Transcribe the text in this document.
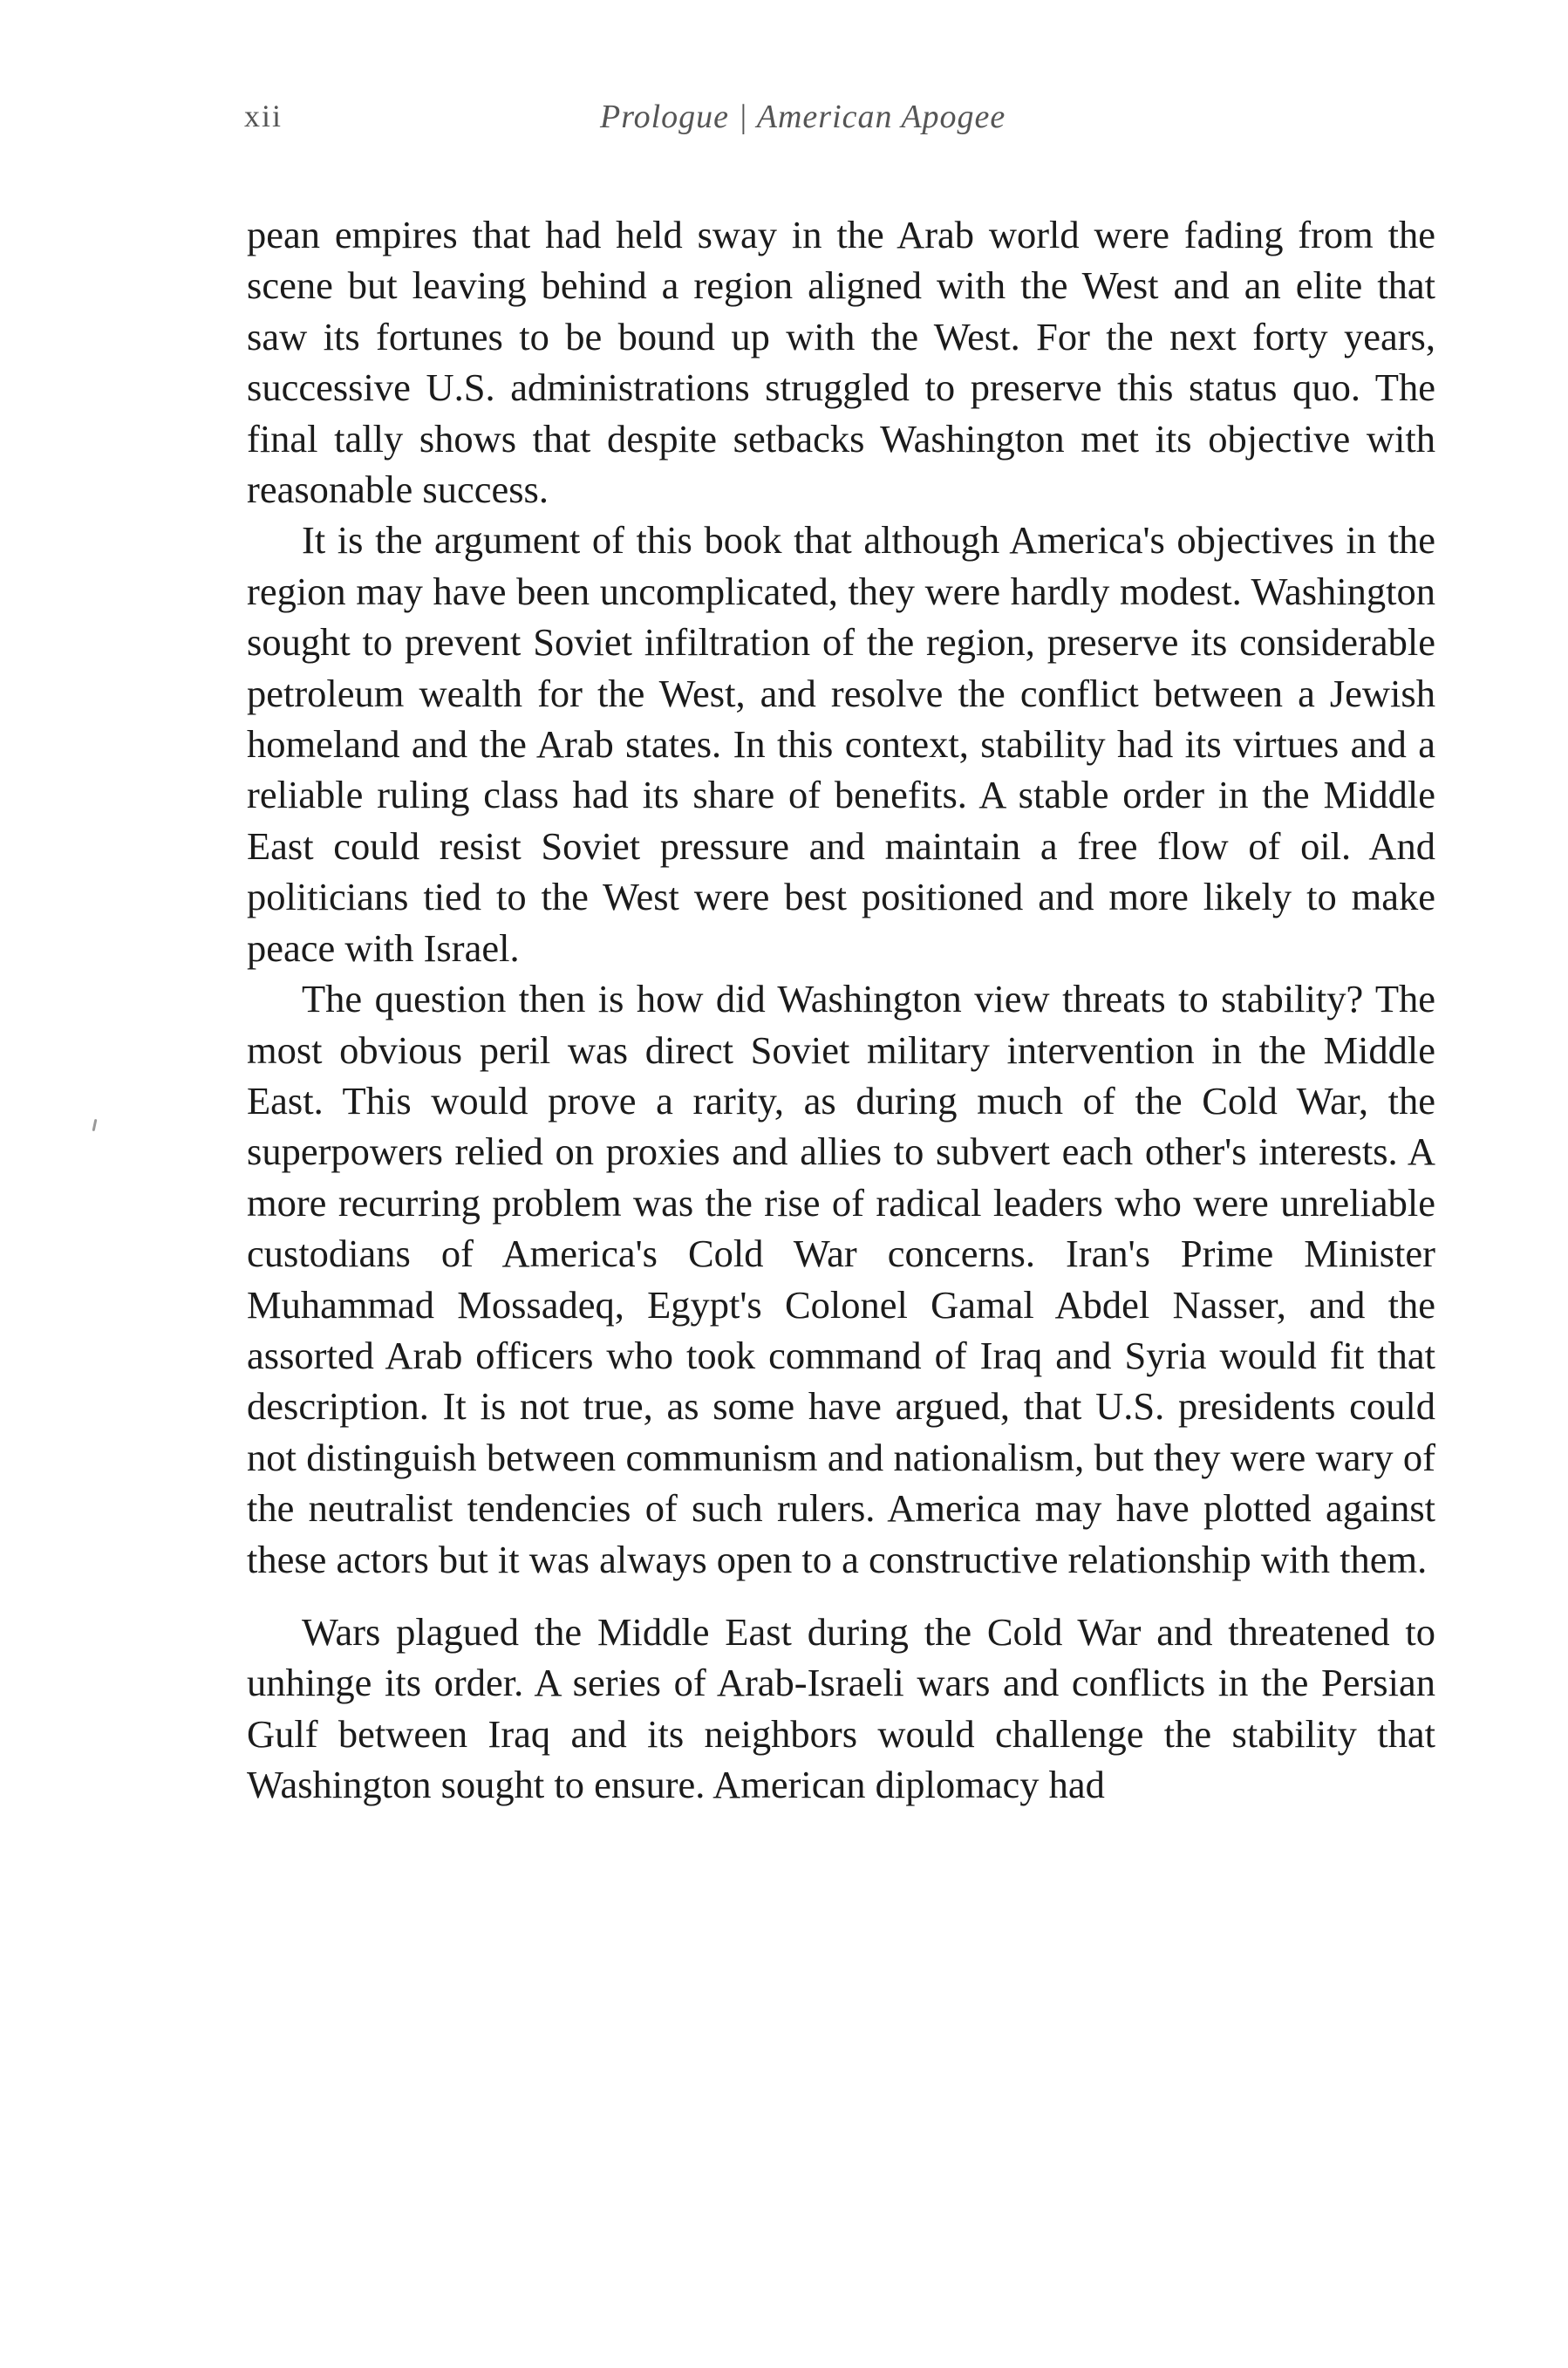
xii	Prologue | American Apogee

pean empires that had held sway in the Arab world were fading from the scene but leaving behind a region aligned with the West and an elite that saw its fortunes to be bound up with the West. For the next forty years, successive U.S. administrations struggled to preserve this status quo. The final tally shows that despite setbacks Washington met its objective with reasonable success.

It is the argument of this book that although America's objectives in the region may have been uncomplicated, they were hardly modest. Washington sought to prevent Soviet infiltration of the region, preserve its considerable petroleum wealth for the West, and resolve the conflict between a Jewish homeland and the Arab states. In this context, stability had its virtues and a reliable ruling class had its share of benefits. A stable order in the Middle East could resist Soviet pressure and maintain a free flow of oil. And politicians tied to the West were best positioned and more likely to make peace with Israel.

The question then is how did Washington view threats to stability? The most obvious peril was direct Soviet military intervention in the Middle East. This would prove a rarity, as during much of the Cold War, the superpowers relied on proxies and allies to subvert each other's interests. A more recurring problem was the rise of radical leaders who were unreliable custodians of America's Cold War concerns. Iran's Prime Minister Muhammad Mossadeq, Egypt's Colonel Gamal Abdel Nasser, and the assorted Arab officers who took command of Iraq and Syria would fit that description. It is not true, as some have argued, that U.S. presidents could not distinguish between communism and nationalism, but they were wary of the neutralist tendencies of such rulers. America may have plotted against these actors but it was always open to a constructive relationship with them.

Wars plagued the Middle East during the Cold War and threatened to unhinge its order. A series of Arab-Israeli wars and conflicts in the Persian Gulf between Iraq and its neighbors would challenge the stability that Washington sought to ensure. American diplomacy had
